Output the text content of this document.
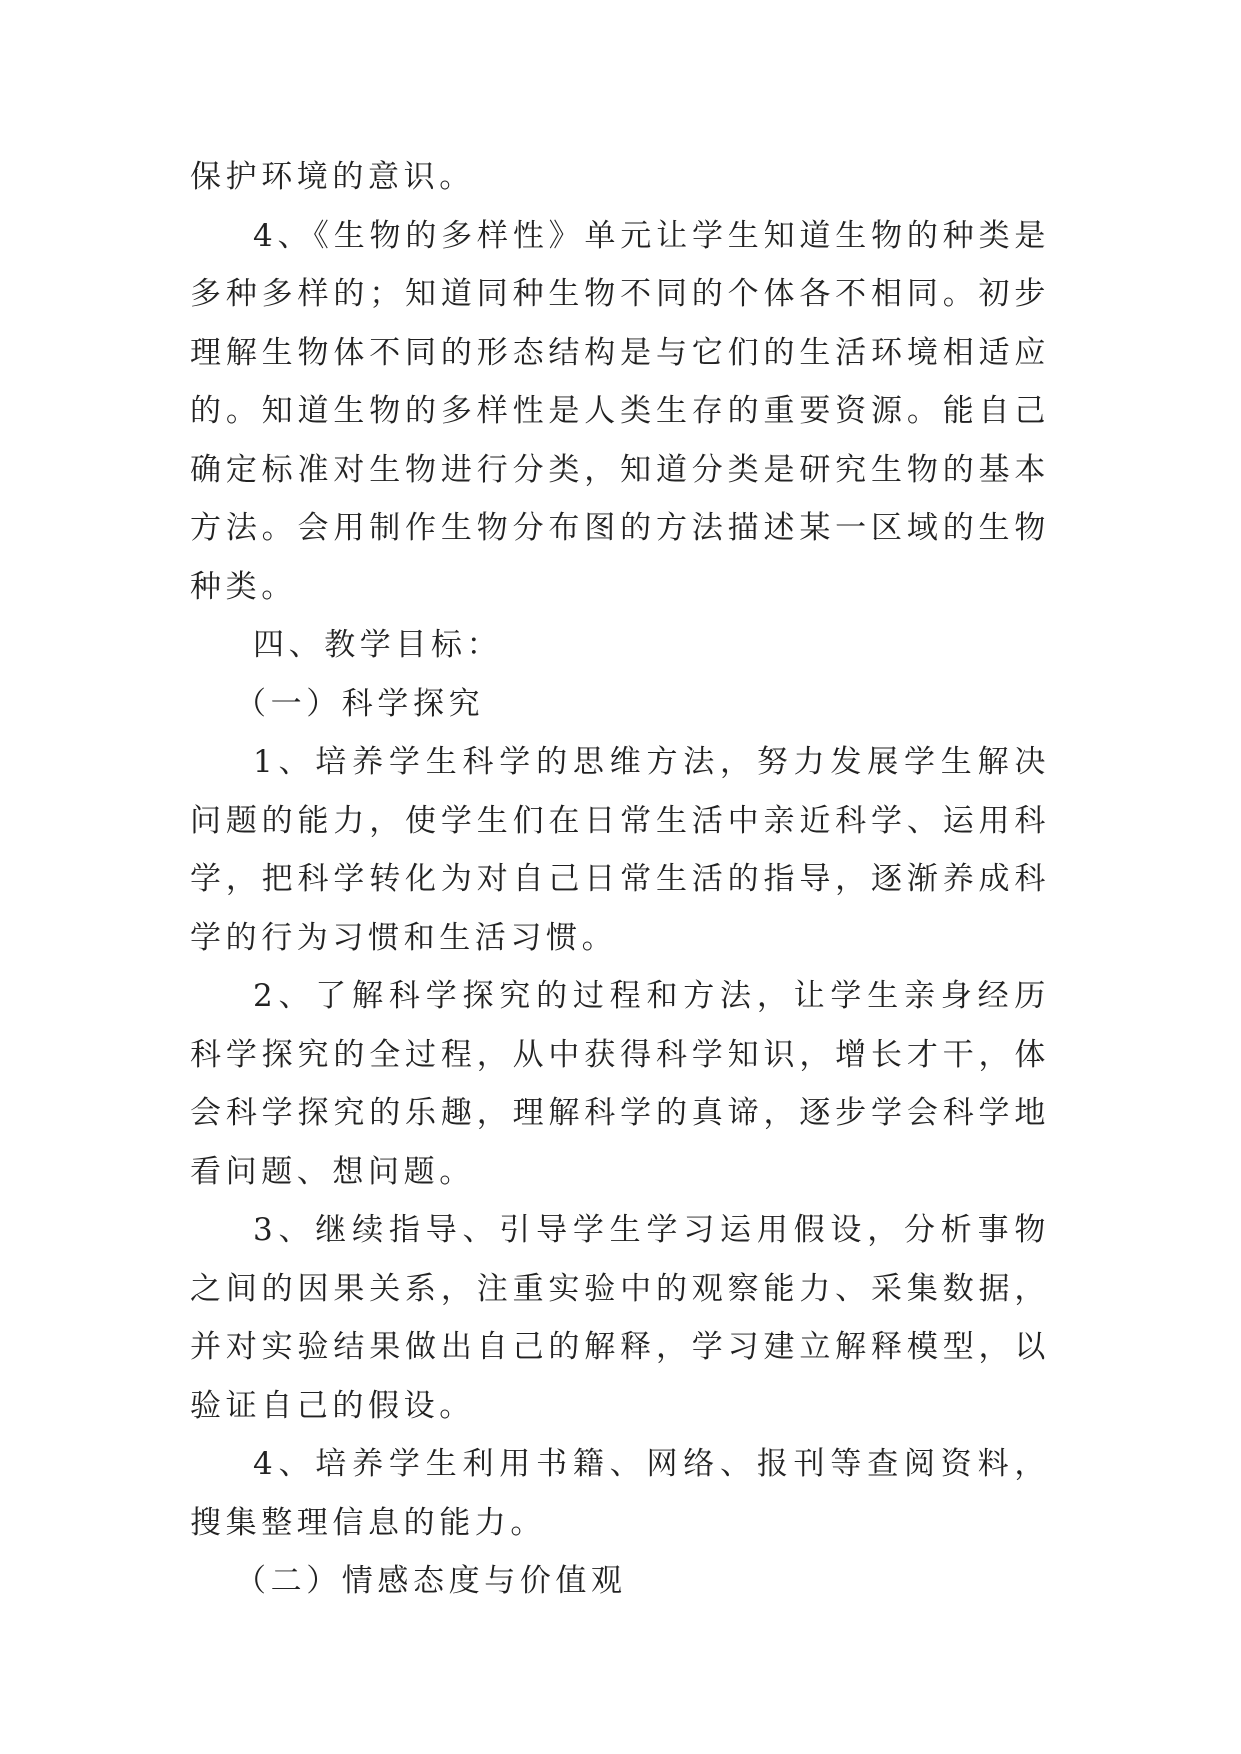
保护环境的意识。

4、《生物的多样性》单元让学生知道生物的种类是多种多样的；知道同种生物不同的个体各不相同。初步理解生物体不同的形态结构是与它们的生活环境相适应的。知道生物的多样性是人类生存的重要资源。能自己确定标准对生物进行分类，知道分类是研究生物的基本方法。会用制作生物分布图的方法描述某一区域的生物种类。

四、教学目标：

（一）科学探究

1、培养学生科学的思维方法，努力发展学生解决问题的能力，使学生们在日常生活中亲近科学、运用科学，把科学转化为对自己日常生活的指导，逐渐养成科学的行为习惯和生活习惯。

2、了解科学探究的过程和方法，让学生亲身经历科学探究的全过程，从中获得科学知识，增长才干，体会科学探究的乐趣，理解科学的真谛，逐步学会科学地看问题、想问题。

3、继续指导、引导学生学习运用假设，分析事物之间的因果关系，注重实验中的观察能力、采集数据，并对实验结果做出自己的解释，学习建立解释模型，以验证自己的假设。

4、培养学生利用书籍、网络、报刊等查阅资料，搜集整理信息的能力。

（二）情感态度与价值观
